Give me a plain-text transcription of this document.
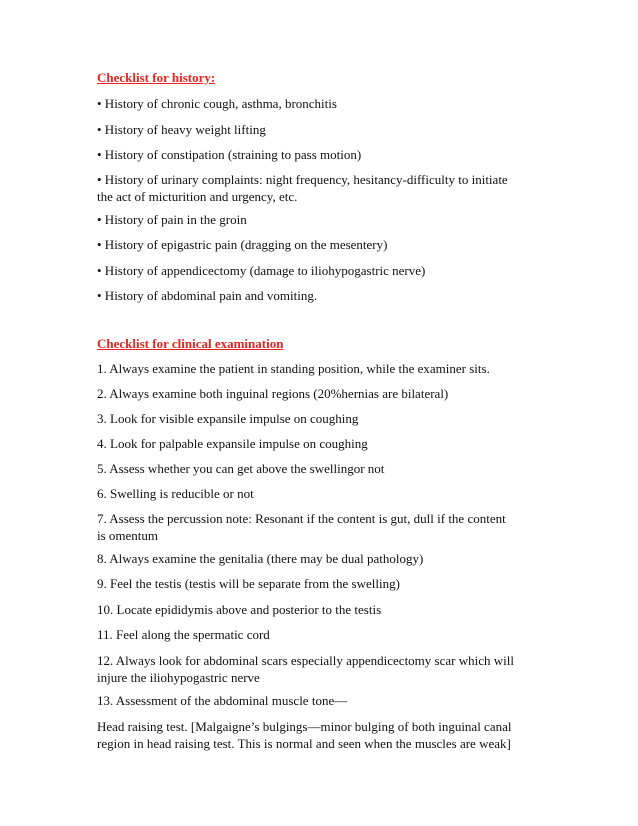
Checklist for history:
• History of chronic cough, asthma, bronchitis
• History of heavy weight lifting
• History of constipation (straining to pass motion)
• History of urinary complaints: night frequency, hesitancy-difficulty to initiate
the act of micturition and urgency, etc.
• History of pain in the groin
• History of epigastric pain (dragging on the mesentery)
• History of appendicectomy (damage to iliohypogastric nerve)
• History of abdominal pain and vomiting.
Checklist for clinical examination
1. Always examine the patient in standing position, while the examiner sits.
2. Always examine both inguinal regions (20%hernias are bilateral)
3. Look for visible expansile impulse on coughing
4. Look for palpable expansile impulse on coughing
5. Assess whether you can get above the swellingor not
6. Swelling is reducible or not
7. Assess the percussion note: Resonant if the content is gut, dull if the content
is omentum
8. Always examine the genitalia (there may be dual pathology)
9. Feel the testis (testis will be separate from the swelling)
10. Locate epididymis above and posterior to the testis
11. Feel along the spermatic cord
12. Always look for abdominal scars especially appendicectomy scar which will
injure the iliohypogastric nerve
13. Assessment of the abdominal muscle tone—
Head raising test. [Malgaigne’s bulgings—minor bulging of both inguinal canal
region in head raising test. This is normal and seen when the muscles are weak]
